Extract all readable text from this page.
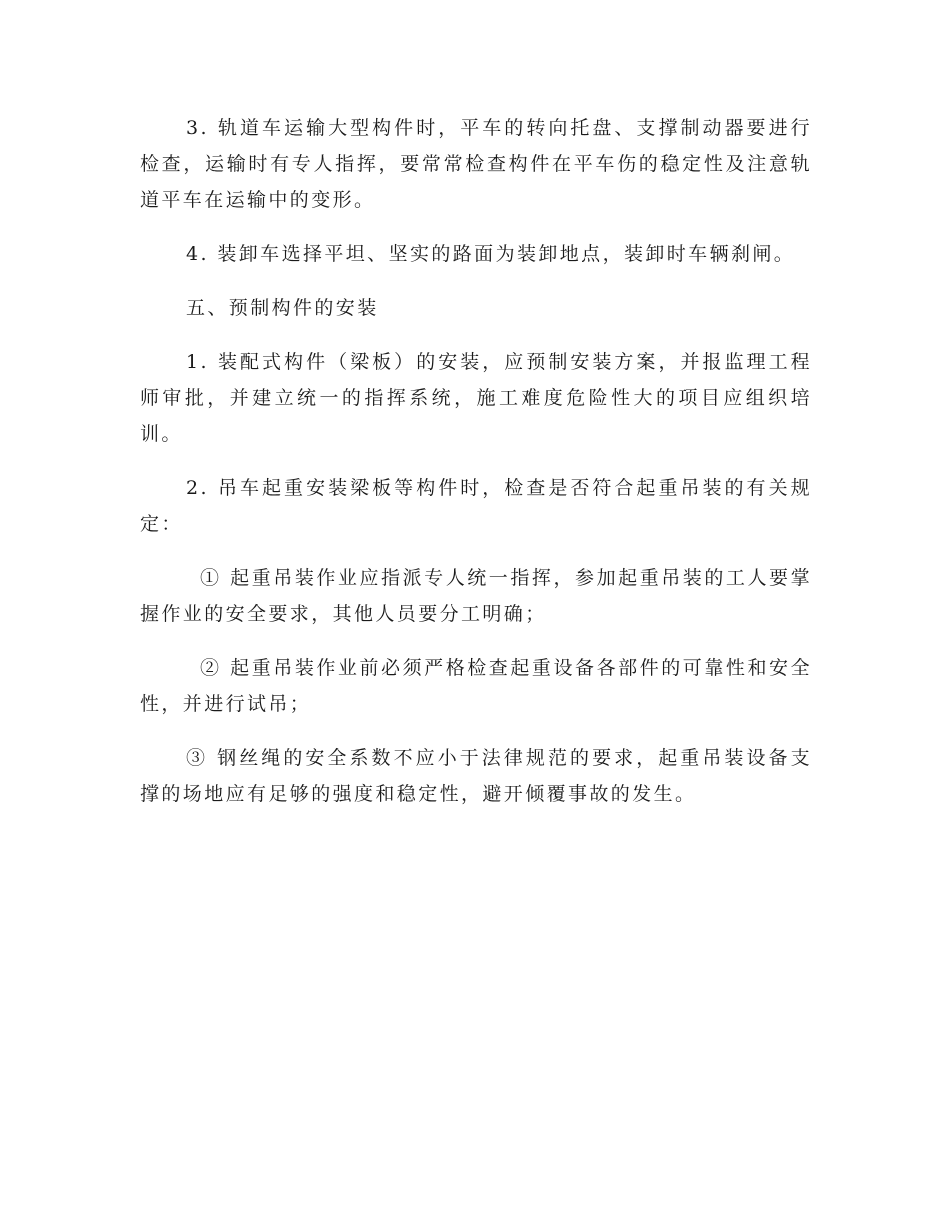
3. 轨道车运输大型构件时，平车的转向托盘、支撑制动器要进行检查，运输时有专人指挥，要常常检查构件在平车伤的稳定性及注意轨道平车在运输中的变形。

4. 装卸车选择平坦、坚实的路面为装卸地点，装卸时车辆刹闸。

五、预制构件的安装

1. 装配式构件（梁板）的安装，应预制安装方案，并报监理工程师审批，并建立统一的指挥系统，施工难度危险性大的项目应组织培训。

2. 吊车起重安装梁板等构件时，检查是否符合起重吊装的有关规定：

① 起重吊装作业应指派专人统一指挥，参加起重吊装的工人要掌握作业的安全要求，其他人员要分工明确；

② 起重吊装作业前必须严格检查起重设备各部件的可靠性和安全性，并进行试吊；

③ 钢丝绳的安全系数不应小于法律规范的要求，起重吊装设备支撑的场地应有足够的强度和稳定性，避开倾覆事故的发生。
